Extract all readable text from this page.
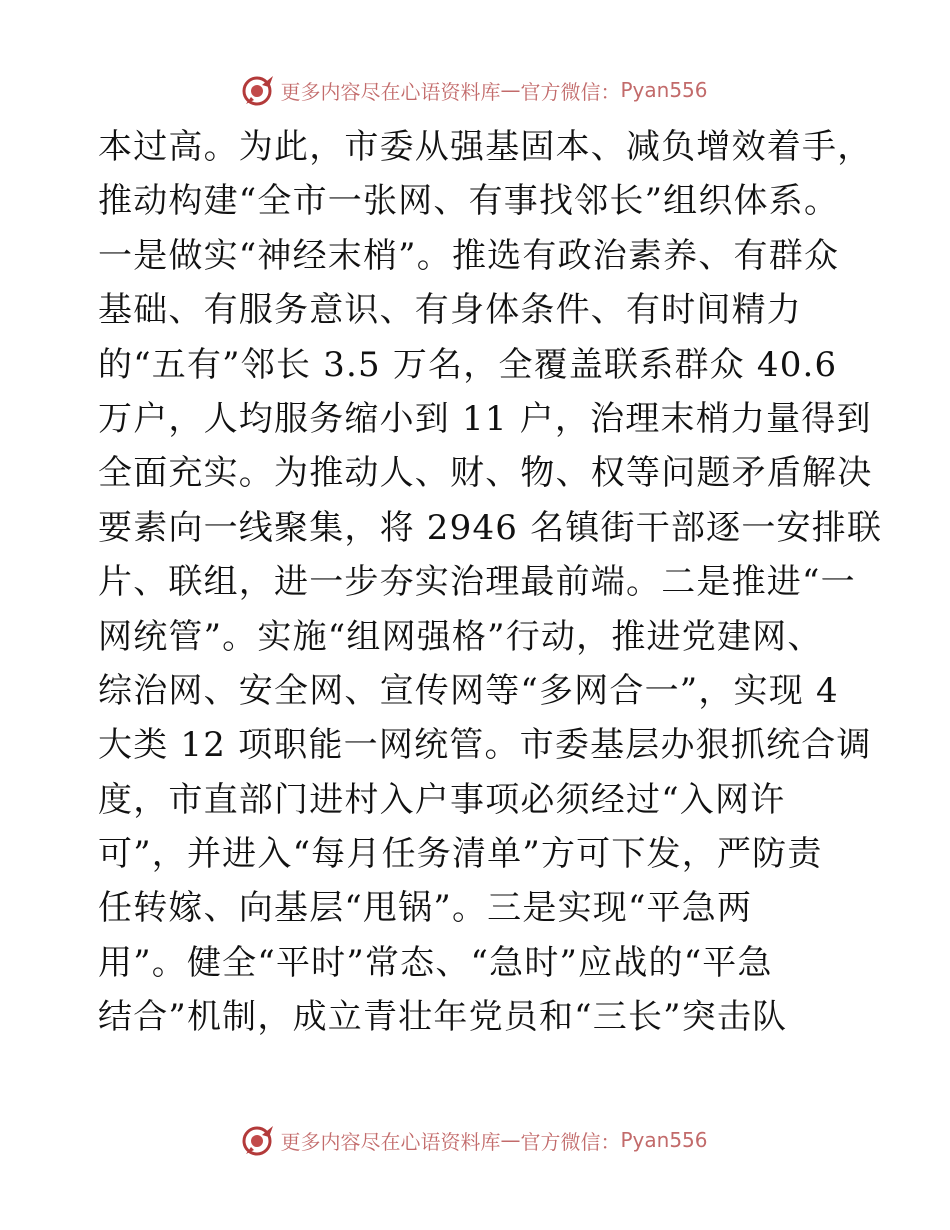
更多内容尽在心语资料库 — 官方微信： Pyan556
本过高。为此，市委从强基固本、减负增效着手，
推动构建“全市一张网、有事找邻长”组织体系。
一是做实“神经末梢”。推选有政治素养、有群众
基础、有服务意识、有身体条件、有时间精力
的“五有”邻长 3.5 万名，全覆盖联系群众 40.6
万户，人均服务缩小到 11 户，治理末梢力量得到
全面充实。为推动人、财、物、权等问题矛盾解决
要素向一线聚集，将 2946 名镇街干部逐一安排联
片、联组，进一步夯实治理最前端。二是推进“一
网统管”。实施“组网强格”行动，推进党建网、
综治网、安全网、宣传网等“多网合一”，实现 4
大类 12 项职能一网统管。市委基层办狠抓统合调
度，市直部门进村入户事项必须经过“入网许
可”，并进入“每月任务清单”方可下发，严防责
任转嫁、向基层“甩锅”。三是实现“平急两
用”。健全“平时”常态、“急时”应战的“平急
结合”机制，成立青壮年党员和“三长”突击队
更多内容尽在心语资料库 — 官方微信： Pyan556
